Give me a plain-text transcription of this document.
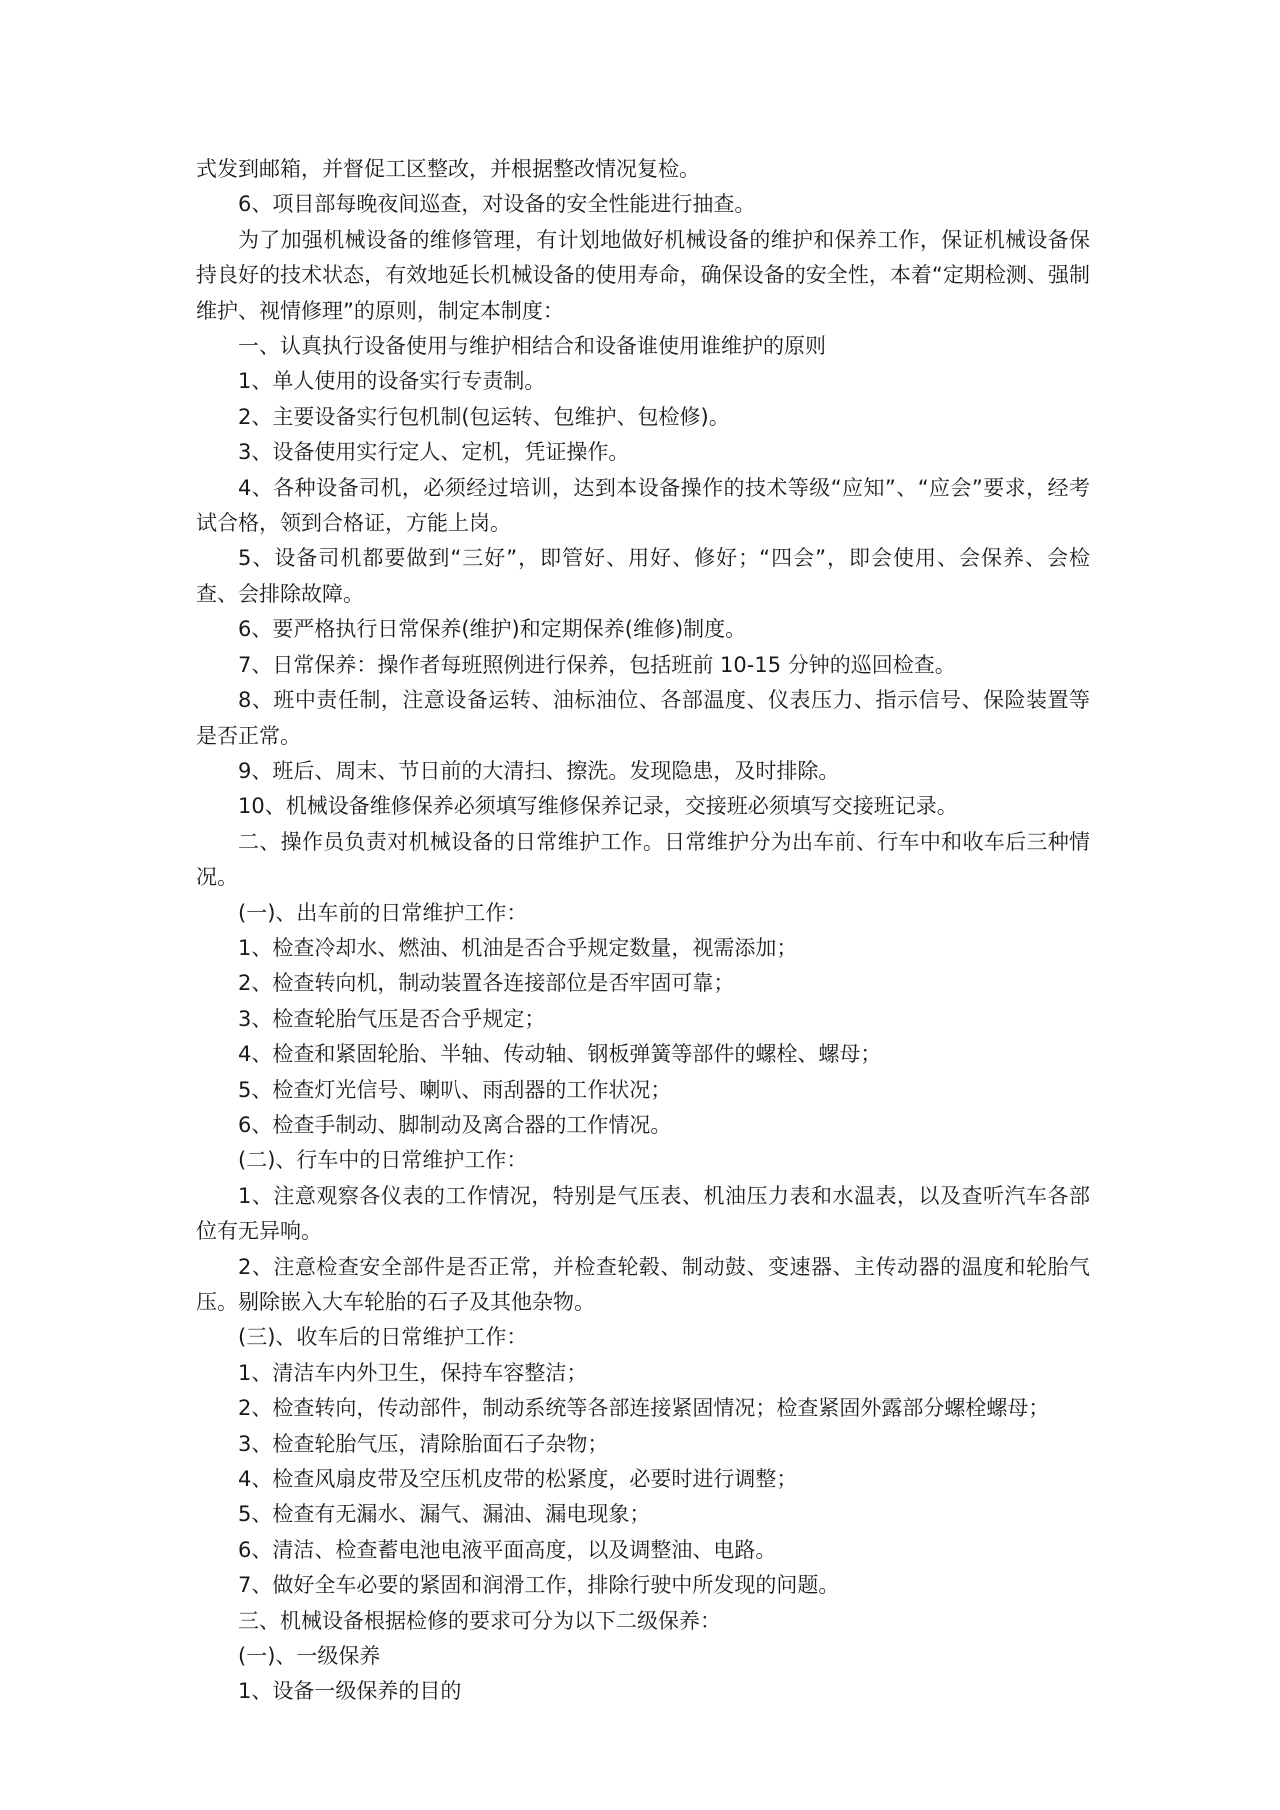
式发到邮箱，并督促工区整改，并根据整改情况复检。

6、项目部每晚夜间巡查，对设备的安全性能进行抽查。

为了加强机械设备的维修管理，有计划地做好机械设备的维护和保养工作，保证机械设备保持良好的技术状态，有效地延长机械设备的使用寿命，确保设备的安全性，本着“定期检测、强制维护、视情修理”的原则，制定本制度：

一、认真执行设备使用与维护相结合和设备谁使用谁维护的原则

1、单人使用的设备实行专责制。

2、主要设备实行包机制(包运转、包维护、包检修)。

3、设备使用实行定人、定机，凭证操作。

4、各种设备司机，必须经过培训，达到本设备操作的技术等级“应知”、“应会”要求，经考试合格，领到合格证，方能上岗。

5、设备司机都要做到“三好”，即管好、用好、修好；“四会”，即会使用、会保养、会检查、会排除故障。

6、要严格执行日常保养(维护)和定期保养(维修)制度。

7、日常保养：操作者每班照例进行保养，包括班前 10-15 分钟的巡回检查。

8、班中责任制，注意设备运转、油标油位、各部温度、仪表压力、指示信号、保险装置等是否正常。

9、班后、周末、节日前的大清扫、擦洗。发现隐患，及时排除。

10、机械设备维修保养必须填写维修保养记录，交接班必须填写交接班记录。

二、操作员负责对机械设备的日常维护工作。日常维护分为出车前、行车中和收车后三种情况。

(一)、出车前的日常维护工作：

1、检查冷却水、燃油、机油是否合乎规定数量，视需添加；

2、检查转向机，制动装置各连接部位是否牢固可靠；

3、检查轮胎气压是否合乎规定；

4、检查和紧固轮胎、半轴、传动轴、钢板弹簧等部件的螺栓、螺母；

5、检查灯光信号、喇叭、雨刮器的工作状况；

6、检查手制动、脚制动及离合器的工作情况。

(二)、行车中的日常维护工作：

1、注意观察各仪表的工作情况，特别是气压表、机油压力表和水温表，以及查听汽车各部位有无异响。

2、注意检查安全部件是否正常，并检查轮毂、制动鼓、变速器、主传动器的温度和轮胎气压。剔除嵌入大车轮胎的石子及其他杂物。

(三)、收车后的日常维护工作：

1、清洁车内外卫生，保持车容整洁；

2、检查转向，传动部件，制动系统等各部连接紧固情况；检查紧固外露部分螺栓螺母；

3、检查轮胎气压，清除胎面石子杂物；

4、检查风扇皮带及空压机皮带的松紧度，必要时进行调整；

5、检查有无漏水、漏气、漏油、漏电现象；

6、清洁、检查蓄电池电液平面高度，以及调整油、电路。

7、做好全车必要的紧固和润滑工作，排除行驶中所发现的问题。

三、机械设备根据检修的要求可分为以下二级保养：

(一)、一级保养

1、设备一级保养的目的
